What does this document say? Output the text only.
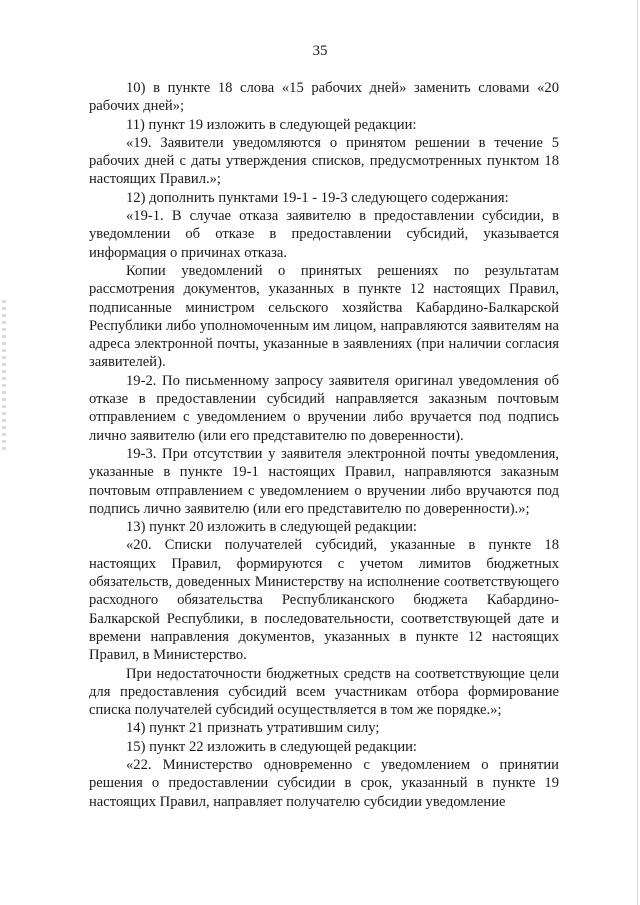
35

10) в пункте 18 слова «15 рабочих дней» заменить словами «20 рабочих дней»;

11) пункт 19 изложить в следующей редакции:

«19. Заявители уведомляются о принятом решении в течение 5 рабочих дней с даты утверждения списков, предусмотренных пунктом 18 настоящих Правил.»;

12) дополнить пунктами 19-1 - 19-3 следующего содержания:

«19-1. В случае отказа заявителю в предоставлении субсидии, в уведомлении об отказе в предоставлении субсидий, указывается информация о причинах отказа.

Копии уведомлений о принятых решениях по результатам рассмотрения документов, указанных в пункте 12 настоящих Правил, подписанные министром сельского хозяйства Кабардино-Балкарской Республики либо уполномоченным им лицом, направляются заявителям на адреса электронной почты, указанные в заявлениях (при наличии согласия заявителей).

19-2. По письменному запросу заявителя оригинал уведомления об отказе в предоставлении субсидий направляется заказным почтовым отправлением с уведомлением о вручении либо вручается под подпись лично заявителю (или его представителю по доверенности).

19-3. При отсутствии у заявителя электронной почты уведомления, указанные в пункте 19-1 настоящих Правил, направляются заказным почтовым отправлением с уведомлением о вручении либо вручаются под подпись лично заявителю (или его представителю по доверенности).»;

13) пункт 20 изложить в следующей редакции:

«20. Списки получателей субсидий, указанные в пункте 18 настоящих Правил, формируются с учетом лимитов бюджетных обязательств, доведенных Министерству на исполнение соответствующего расходного обязательства Республиканского бюджета Кабардино-Балкарской Республики, в последовательности, соответствующей дате и времени направления документов, указанных в пункте 12 настоящих Правил, в Министерство.

При недостаточности бюджетных средств на соответствующие цели для предоставления субсидий всем участникам отбора формирование списка получателей субсидий осуществляется в том же порядке.»;

14) пункт 21 признать утратившим силу;

15) пункт 22 изложить в следующей редакции:

«22. Министерство одновременно с уведомлением о принятии решения о предоставлении субсидии в срок, указанный в пункте 19 настоящих Правил, направляет получателю субсидии уведомление
